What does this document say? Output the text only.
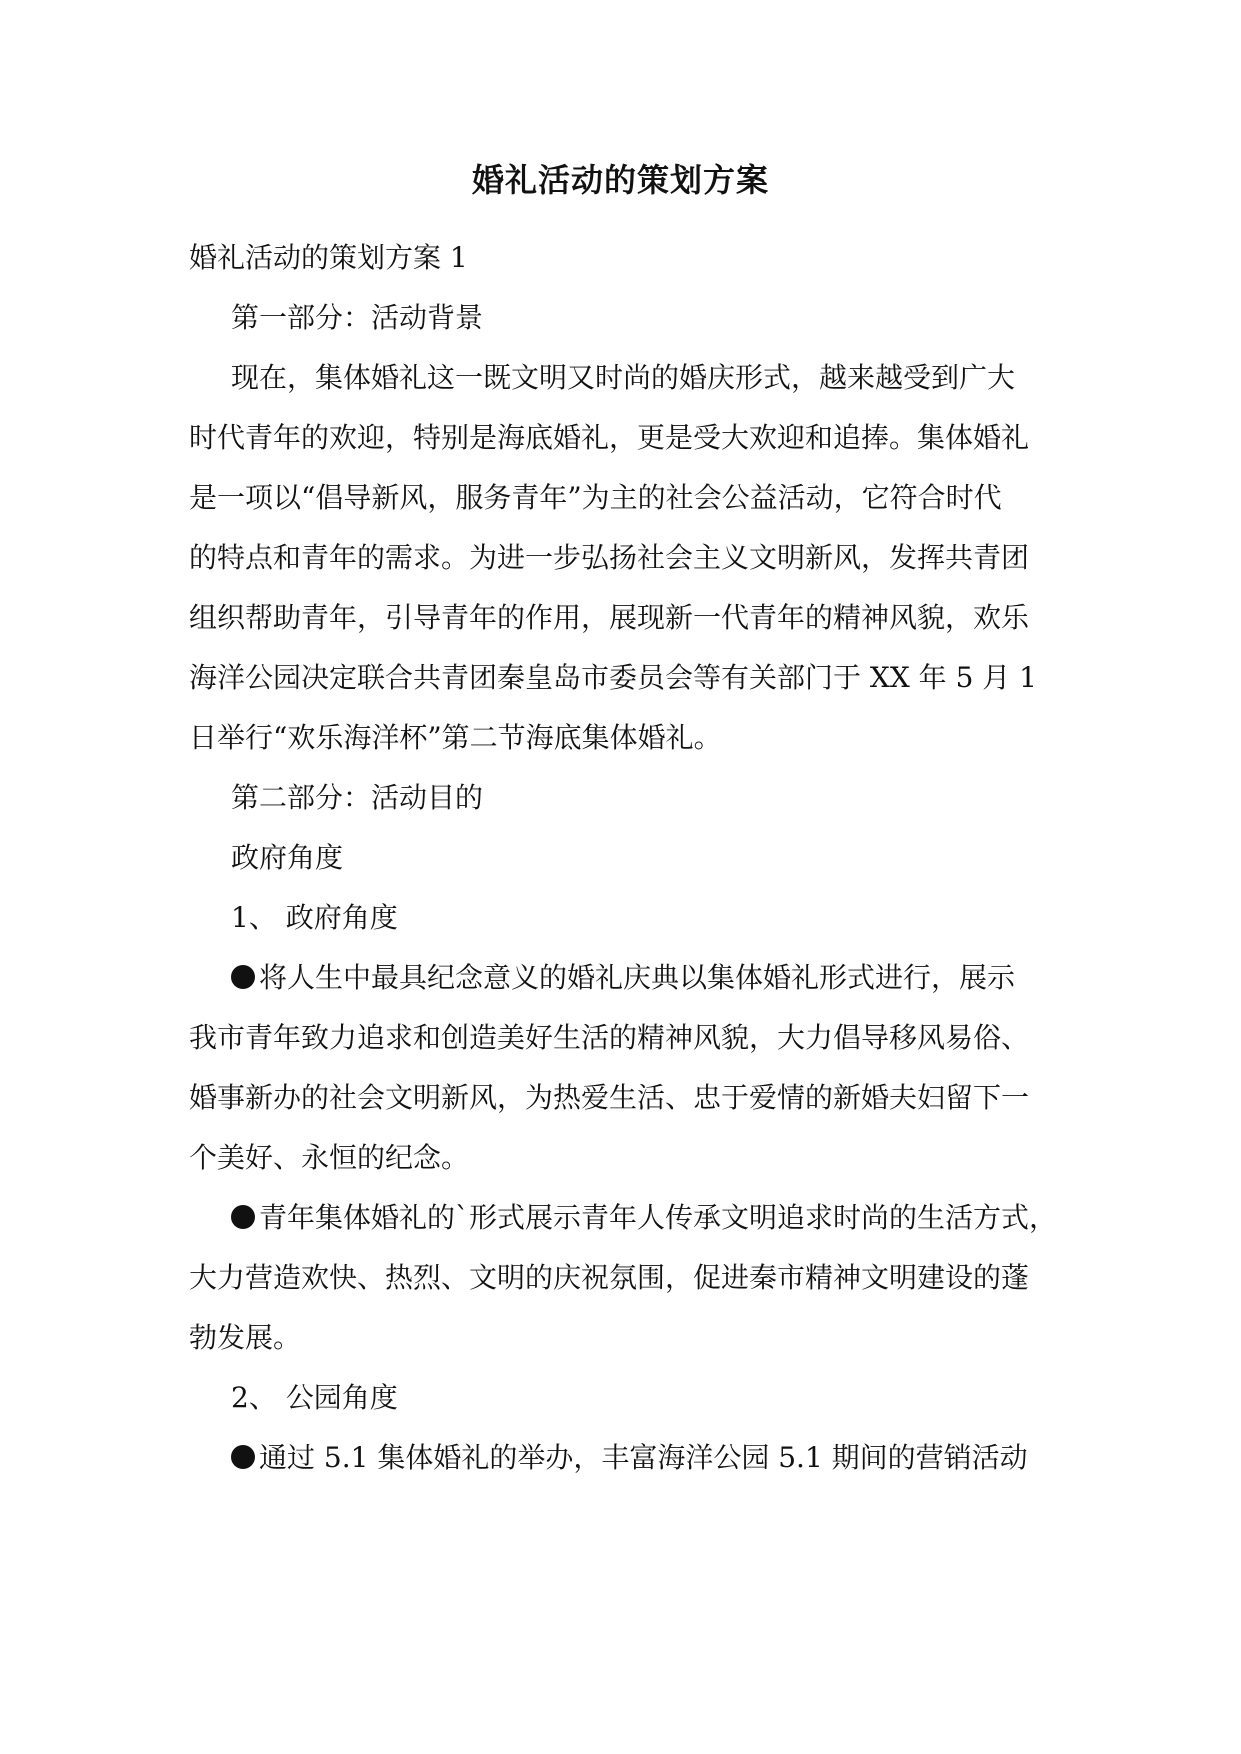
婚礼活动的策划方案
婚礼活动的策划方案 1
第一部分：活动背景
现在，集体婚礼这一既文明又时尚的婚庆形式，越来越受到广大
时代青年的欢迎，特别是海底婚礼，更是受大欢迎和追捧。集体婚礼
是一项以“倡导新风，服务青年”为主的社会公益活动，它符合时代
的特点和青年的需求。为进一步弘扬社会主义文明新风，发挥共青团
组织帮助青年，引导青年的作用，展现新一代青年的精神风貌，欢乐
海洋公园决定联合共青团秦皇岛市委员会等有关部门于 XX 年 5 月 1
日举行“欢乐海洋杯”第二节海底集体婚礼。
第二部分：活动目的
政府角度
1、 政府角度
将人生中最具纪念意义的婚礼庆典以集体婚礼形式进行，展示
我市青年致力追求和创造美好生活的精神风貌，大力倡导移风易俗、
婚事新办的社会文明新风，为热爱生活、忠于爱情的新婚夫妇留下一
个美好、永恒的纪念。
青年集体婚礼的`形式展示青年人传承文明追求时尚的生活方式，
大力营造欢快、热烈、文明的庆祝氛围，促进秦市精神文明建设的蓬
勃发展。
2、 公园角度
通过 5.1 集体婚礼的举办，丰富海洋公园 5.1 期间的营销活动
